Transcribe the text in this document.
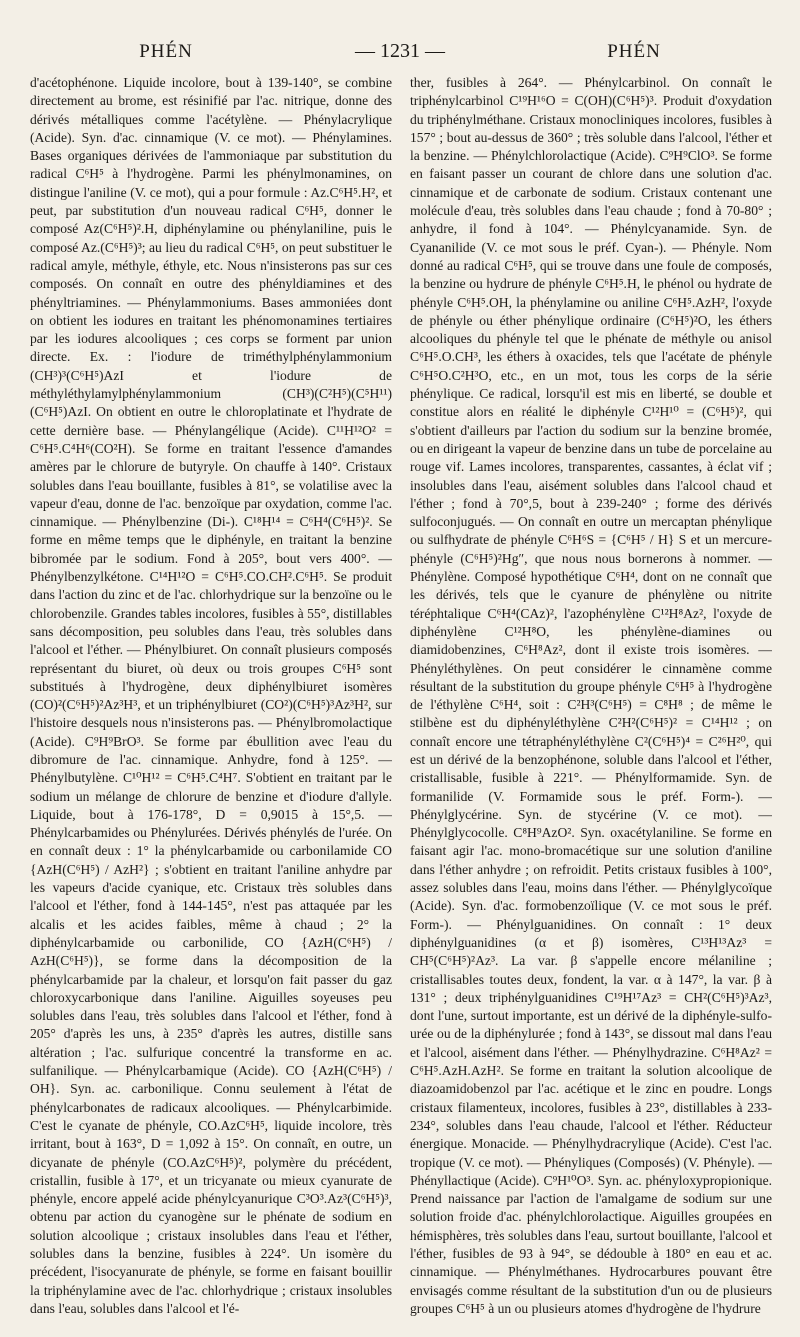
PHÉN	— 1231 —	PHÉN

d'acétophénone. Liquide incolore, bout à 139-140°, se combine directement au brome, est résinifié par l'ac. nitrique, donne des dérivés métalliques comme l'acétylène. — Phénylacrylique (Acide). Syn. d'ac. cinnamique (V. ce mot). — Phénylamines. Bases organiques dérivées de l'ammoniaque par substitution du radical C⁶H⁵ à l'hydrogène. Parmi les phénylmonamines, on distingue l'aniline (V. ce mot), qui a pour formule : Az.C⁶H⁵.H², et peut, par substitution d'un nouveau radical C⁶H⁵, donner le composé Az(C⁶H⁵)².H, diphénylamine ou phénylaniline, puis le composé Az.(C⁶H⁵)³; au lieu du radical C⁶H⁵, on peut substituer le radical amyle, méthyle, éthyle, etc. Nous n'insisterons pas sur ces composés. On connaît en outre des phényldiamines et des phényltriamines. — Phénylammoniums. Bases ammoniées dont on obtient les iodures en traitant les phénomonamines tertiaires par les iodures alcooliques ; ces corps se forment par union directe. Ex. : l'iodure de triméthylphénylammonium (CH³)³(C⁶H⁵)AzI et l'iodure de méthyléthylamylphénylammonium (CH³)(C²H⁵)(C⁵H¹¹)(C⁶H⁵)AzI. On obtient en outre le chloroplatinate et l'hydrate de cette dernière base. — Phénylangélique (Acide). C¹¹H¹²O² = C⁶H⁵.C⁴H⁶(CO²H). Se forme en traitant l'essence d'amandes amères par le chlorure de butyryle. On chauffe à 140°. Cristaux solubles dans l'eau bouillante, fusibles à 81°, se volatilise avec la vapeur d'eau, donne de l'ac. benzoïque par oxydation, comme l'ac. cinnamique. — Phénylbenzine (Di-). C¹⁸H¹⁴ = C⁶H⁴(C⁶H⁵)². Se forme en même temps que le diphényle, en traitant la benzine bibromée par le sodium. Fond à 205°, bout vers 400°. — Phénylbenzylkétone. C¹⁴H¹²O = C⁶H⁵.CO.CH².C⁶H⁵. Se produit dans l'action du zinc et de l'ac. chlorhydrique sur la benzoïne ou le chlorobenzile. Grandes tables incolores, fusibles à 55°, distillables sans décomposition, peu solubles dans l'eau, très solubles dans l'alcool et l'éther. — Phénylbiuret. On connaît plusieurs composés représentant du biuret, où deux ou trois groupes C⁶H⁵ sont substitués à l'hydrogène, deux diphénylbiuret isomères (CO)²(C⁶H⁵)²Az³H³, et un triphénylbiuret (CO²)(C⁶H⁵)³Az³H², sur l'histoire desquels nous n'insisterons pas. — Phénylbromolactique (Acide). C⁹H⁹BrO³. Se forme par ébullition avec l'eau du dibromure de l'ac. cinnamique. Anhydre, fond à 125°. — Phénylbutylène. C¹⁰H¹² = C⁶H⁵.C⁴H⁷. S'obtient en traitant par le sodium un mélange de chlorure de benzine et d'iodure d'allyle. Liquide, bout à 176-178°, D = 0,9015 à 15°,5. — Phénylcarbamides ou Phénylurées. Dérivés phénylés de l'urée. On en connaît deux : 1° la phénylcarbamide ou carbonilamide CO {AzH(C⁶H⁵) / AzH²} ; s'obtient en traitant l'aniline anhydre par les vapeurs d'acide cyanique, etc. Cristaux très solubles dans l'alcool et l'éther, fond à 144-145°, n'est pas attaquée par les alcalis et les acides faibles, même à chaud ; 2° la diphénylcarbamide ou carbonilide, CO {AzH(C⁶H⁵) / AzH(C⁶H⁵)}, se forme dans la décomposition de la phénylcarbamide par la chaleur, et lorsqu'on fait passer du gaz chloroxycarbonique dans l'aniline. Aiguilles soyeuses peu solubles dans l'eau, très solubles dans l'alcool et l'éther, fond à 205° d'après les uns, à 235° d'après les autres, distille sans altération ; l'ac. sulfurique concentré la transforme en ac. sulfanilique. — Phénylcarbamique (Acide). CO {AzH(C⁶H⁵) / OH}. Syn. ac. carbonilique. Connu seulement à l'état de phénylcarbonates de radicaux alcooliques. — Phénylcarbimide. C'est le cyanate de phényle, CO.AzC⁶H⁵, liquide incolore, très irritant, bout à 163°, D = 1,092 à 15°. On connaît, en outre, un dicyanate de phényle (CO.AzC⁶H⁵)², polymère du précédent, cristallin, fusible à 17°, et un tricyanate ou mieux cyanurate de phényle, encore appelé acide phénylcyanurique C³O³.Az³(C⁶H⁵)³, obtenu par action du cyanogène sur le phénate de sodium en solution alcoolique ; cristaux insolubles dans l'eau et l'éther, solubles dans la benzine, fusibles à 224°. Un isomère du précédent, l'isocyanurate de phényle, se forme en faisant bouillir la triphénylamine avec de l'ac. chlorhydrique ; cristaux insolubles dans l'eau, solubles dans l'alcool et l'é-

ther, fusibles à 264°. — Phénylcarbinol. On connaît le triphénylcarbinol C¹⁹H¹⁶O = C(OH)(C⁶H⁵)³. Produit d'oxydation du triphénylméthane. Cristaux monocliniques incolores, fusibles à 157° ; bout au-dessus de 360° ; très soluble dans l'alcool, l'éther et la benzine. — Phénylchlorolactique (Acide). C⁹H⁹ClO³. Se forme en faisant passer un courant de chlore dans une solution d'ac. cinnamique et de carbonate de sodium. Cristaux contenant une molécule d'eau, très solubles dans l'eau chaude ; fond à 70-80° ; anhydre, il fond à 104°. — Phénylcyanamide. Syn. de Cyananilide (V. ce mot sous le préf. Cyan-). — Phényle. Nom donné au radical C⁶H⁵, qui se trouve dans une foule de composés, la benzine ou hydrure de phényle C⁶H⁵.H, le phénol ou hydrate de phényle C⁶H⁵.OH, la phénylamine ou aniline C⁶H⁵.AzH², l'oxyde de phényle ou éther phénylique ordinaire (C⁶H⁵)²O, les éthers alcooliques du phényle tel que le phénate de méthyle ou anisol C⁶H⁵.O.CH³, les éthers à oxacides, tels que l'acétate de phényle C⁶H⁵O.C²H³O, etc., en un mot, tous les corps de la série phénylique. Ce radical, lorsqu'il est mis en liberté, se double et constitue alors en réalité le diphényle C¹²H¹⁰ = (C⁶H⁵)², qui s'obtient d'ailleurs par l'action du sodium sur la benzine bromée, ou en dirigeant la vapeur de benzine dans un tube de porcelaine au rouge vif. Lames incolores, transparentes, cassantes, à éclat vif ; insolubles dans l'eau, aisément solubles dans l'alcool chaud et l'éther ; fond à 70°,5, bout à 239-240° ; forme des dérivés sulfoconjugués. — On connaît en outre un mercaptan phénylique ou sulfhydrate de phényle C⁶H⁶S = {C⁶H⁵ / H} S et un mercure-phényle (C⁶H⁵)²Hg″, que nous nous bornerons à nommer. — Phénylène. Composé hypothétique C⁶H⁴, dont on ne connaît que les dérivés, tels que le cyanure de phénylène ou nitrite téréphtalique C⁶H⁴(CAz)², l'azophénylène C¹²H⁸Az², l'oxyde de diphénylène C¹²H⁸O, les phénylène-diamines ou diamidobenzines, C⁶H⁸Az², dont il existe trois isomères. — Phényléthylènes. On peut considérer le cinnamène comme résultant de la substitution du groupe phényle C⁶H⁵ à l'hydrogène de l'éthylène C⁶H⁴, soit : C²H³(C⁶H⁵) = C⁸H⁸ ; de même le stilbène est du diphényléthylène C²H²(C⁶H⁵)² = C¹⁴H¹² ; on connaît encore une tétraphényléthylène C²(C⁶H⁵)⁴ = C²⁶H²⁰, qui est un dérivé de la benzophénone, soluble dans l'alcool et l'éther, cristallisable, fusible à 221°. — Phénylformamide. Syn. de formanilide (V. Formamide sous le préf. Form-). — Phénylglycérine. Syn. de stycérine (V. ce mot). — Phénylglycocolle. C⁸H⁹AzO². Syn. oxacétylaniline. Se forme en faisant agir l'ac. mono-bromacétique sur une solution d'aniline dans l'éther anhydre ; on refroidit. Petits cristaux fusibles à 100°, assez solubles dans l'eau, moins dans l'éther. — Phénylglycoïque (Acide). Syn. d'ac. formobenzoïlique (V. ce mot sous le préf. Form-). — Phénylguanidines. On connaît : 1° deux diphénylguanidines (α et β) isomères, C¹³H¹³Az³ = CH⁵(C⁶H⁵)²Az³. La var. β s'appelle encore mélaniline ; cristallisables toutes deux, fondent, la var. α à 147°, la var. β à 131° ; deux triphénylguanidines C¹⁹H¹⁷Az³ = CH²(C⁶H⁵)³Az³, dont l'une, surtout importante, est un dérivé de la diphényle-sulfo-urée ou de la diphénylurée ; fond à 143°, se dissout mal dans l'eau et l'alcool, aisément dans l'éther. — Phénylhydrazine. C⁶H⁸Az² = C⁶H⁵.AzH.AzH². Se forme en traitant la solution alcoolique de diazoamidobenzol par l'ac. acétique et le zinc en poudre. Longs cristaux filamenteux, incolores, fusibles à 23°, distillables à 233-234°, solubles dans l'eau chaude, l'alcool et l'éther. Réducteur énergique. Monacide. — Phénylhydracrylique (Acide). C'est l'ac. tropique (V. ce mot). — Phényliques (Composés) (V. Phényle). — Phényllactique (Acide). C⁹H¹⁰O³. Syn. ac. phényloxypropionique. Prend naissance par l'action de l'amalgame de sodium sur une solution froide d'ac. phénylchlorolactique. Aiguilles groupées en hémisphères, très solubles dans l'eau, surtout bouillante, l'alcool et l'éther, fusibles de 93 à 94°, se dédouble à 180° en eau et ac. cinnamique. — Phénylméthanes. Hydrocarbures pouvant être envisagés comme résultant de la substitution d'un ou de plusieurs groupes C⁶H⁵ à un ou plusieurs atomes d'hydrogène de l'hydrure
